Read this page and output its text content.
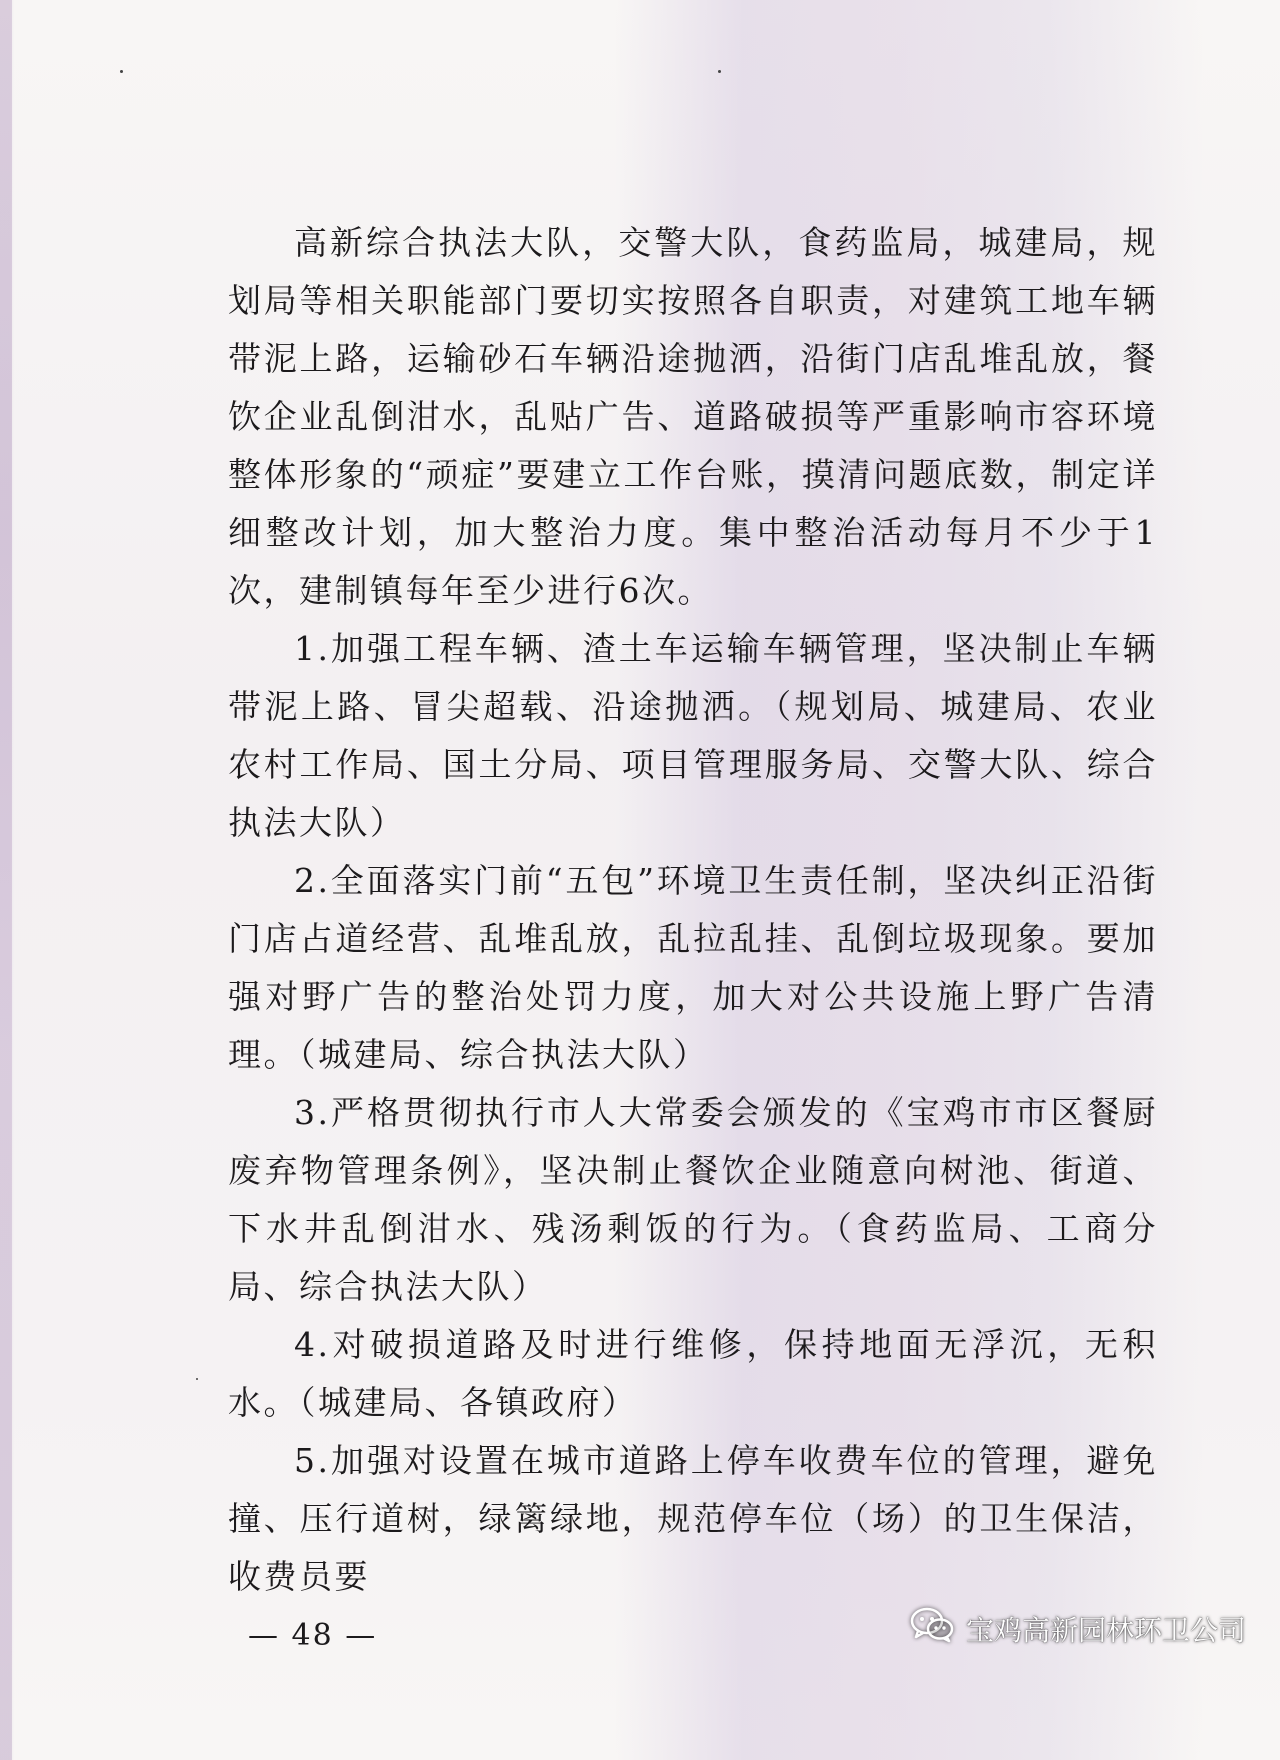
高新综合执法大队，交警大队，食药监局，城建局，规划局等相关职能部门要切实按照各自职责，对建筑工地车辆带泥上路，运输砂石车辆沿途抛洒，沿街门店乱堆乱放，餐饮企业乱倒泔水，乱贴广告、道路破损等严重影响市容环境整体形象的“顽症”要建立工作台账，摸清问题底数，制定详细整改计划，加大整治力度。集中整治活动每月不少于1次，建制镇每年至少进行6次。

1.加强工程车辆、渣土车运输车辆管理，坚决制止车辆带泥上路、冒尖超载、沿途抛洒。（规划局、城建局、农业农村工作局、国土分局、项目管理服务局、交警大队、综合执法大队）

2.全面落实门前“五包”环境卫生责任制，坚决纠正沿街门店占道经营、乱堆乱放，乱拉乱挂、乱倒垃圾现象。要加强对野广告的整治处罚力度，加大对公共设施上野广告清理。（城建局、综合执法大队）

3.严格贯彻执行市人大常委会颁发的《宝鸡市市区餐厨废弃物管理条例》，坚决制止餐饮企业随意向树池、街道、下水井乱倒泔水、残汤剩饭的行为。（食药监局、工商分局、综合执法大队）

4.对破损道路及时进行维修，保持地面无浮沉，无积水。（城建局、各镇政府）

5.加强对设置在城市道路上停车收费车位的管理，避免撞、压行道树，绿篱绿地，规范停车位（场）的卫生保洁，收费员要

— 48 —	宝鸡高新园林环卫公司
